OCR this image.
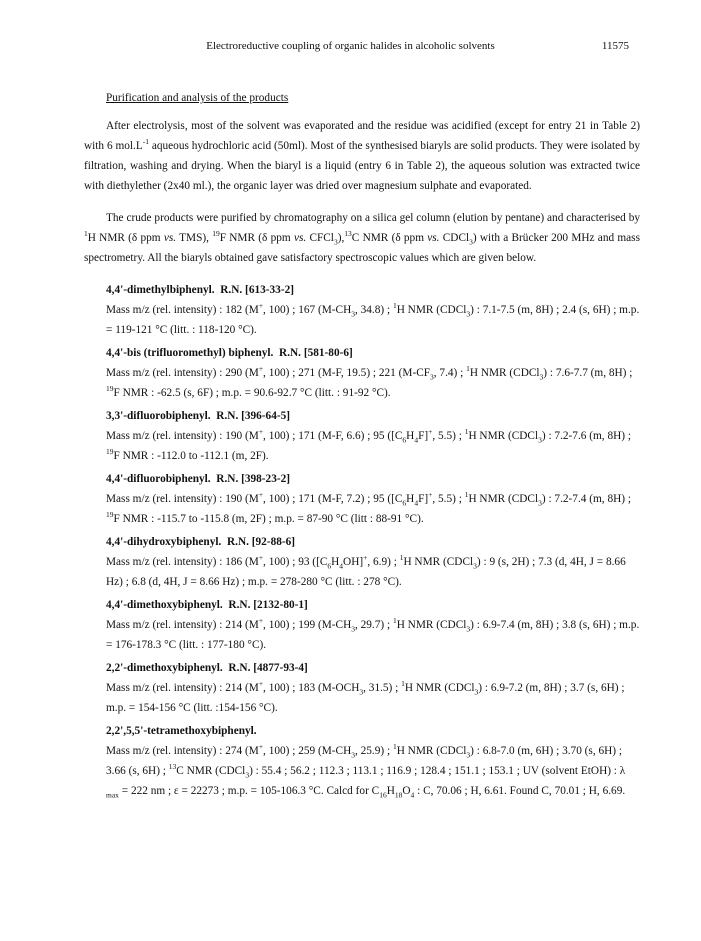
Electroreductive coupling of organic halides in alcoholic solvents	11575
Purification and analysis of the products

After electrolysis, most of the solvent was evaporated and the residue was acidified (except for entry 21 in Table 2) with 6 $mol.L^{-1}$ aqueous hydrochloric acid (50ml). Most of the synthesised biaryls are solid products. They were isolated by filtration, washing and drying. When the biaryl is a liquid (entry 6 in Table 2), the aqueous solution was extracted twice with diethylether (2x40 ml.), the organic layer was dried over magnesium sulphate and evaporated.

The crude products were purified by chromatography on a silica gel column (elution by pentane) and characterised by $^1$H NMR (δ ppm vs. TMS), $^{19}$F NMR (δ ppm vs. CFCl$_3$),$^{13}$C NMR (δ ppm vs. CDCl$_3$) with a Brücker 200 MHz and mass spectrometry. All the biaryls obtained gave satisfactory spectroscopic values which are given below.

4,4'-dimethylbiphenyl. R.N. [613-33-2]
Mass m/z (rel. intensity) : 182 (M+, 100) ; 167 ($M-CH_3$, 34.8) ; $^1$H NMR (CDCl$_3$) : 7.1-7.5 (m, 8H) ; 2.4 (s, 6H) ; m.p. = 119-121 °C (litt. : 118-120 °C).
4,4'-bis (trifluoromethyl) biphenyl. R.N. [581-80-6]
Mass m/z (rel. intensity) : 290 (M+, 100) ; 271 (M-F, 19.5) ; 221 ($M-CF_3$, 7.4) ; $^1$H NMR (CDCl$_3$) : 7.6-7.7 (m, 8H) ; $^{19}$F NMR : -62.5 (s, 6F) ; m.p. = 90.6-92.7 °C (litt. : 91-92 °C).
3,3'-difluorobiphenyl. R.N. [396-64-5]
Mass m/z (rel. intensity) : 190 (M+, 100) ; 171 (M-F, 6.6) ; 95 ($[C_6H_4F]^+$, 5.5) ; $^1$H NMR (CDCl$_3$) : 7.2-7.6 (m, 8H) ; $^{19}$F NMR : -112.0 to -112.1 (m, 2F).
4,4'-difluorobiphenyl. R.N. [398-23-2]
Mass m/z (rel. intensity) : 190 (M+, 100) ; 171 (M-F, 7.2) ; 95 ($[C_6H_4F]^+$, 5.5) ; $^1$H NMR (CDCl$_3$) : 7.2-7.4 (m, 8H) ; $^{19}$F NMR : -115.7 to -115.8 (m, 2F) ; m.p. = 87-90 °C (litt : 88-91 °C).
4,4'-dihydroxybiphenyl. R.N. [92-88-6]
Mass m/z (rel. intensity) : 186 (M+, 100) ; 93 ($[C_6H_4OH]^+$, 6.9) ; $^1$H NMR (CDCl$_3$) : 9 (s, 2H) ; 7.3 (d, 4H, J = 8.66 Hz) ; 6.8 (d, 4H, J = 8.66 Hz) ; m.p. = 278-280 °C (litt. : 278 °C).
4,4'-dimethoxybiphenyl. R.N. [2132-80-1]
Mass m/z (rel. intensity) : 214 (M+, 100) ; 199 ($M-CH_3$, 29.7) ; $^1$H NMR (CDCl$_3$) : 6.9-7.4 (m, 8H) ; 3.8 (s, 6H) ; m.p. = 176-178.3 °C (litt. : 177-180 °C).
2,2'-dimethoxybiphenyl. R.N. [4877-93-4]
Mass m/z (rel. intensity) : 214 (M+, 100) ; 183 ($M-OCH_3$, 31.5) ; $^1$H NMR (CDCl$_3$) : 6.9-7.2 (m, 8H) ; 3.7 (s, 6H) ; m.p. = 154-156 °C (litt. :154-156 °C).
2,2',5,5'-tetramethoxybiphenyl.
Mass m/z (rel. intensity) : 274 (M+, 100) ; 259 ($M-CH_3$, 25.9) ; $^1$H NMR (CDCl$_3$) : 6.8-7.0 (m, 6H) ; 3.70 (s, 6H) ; 3.66 (s, 6H) ; $^{13}$C NMR (CDCl$_3$) : 55.4 ; 56.2 ; 112.3 ; 113.1 ; 116.9 ; 128.4 ; 151.1 ; 153.1 ; UV (solvent EtOH) : λ $_{max}$ = 222 nm ; ε = 22273 ; m.p. = 105-106.3 °C. Calcd for $C_{16}H_{18}O_4$ : C, 70.06 ; H, 6.61. Found C, 70.01 ; H, 6.69.
